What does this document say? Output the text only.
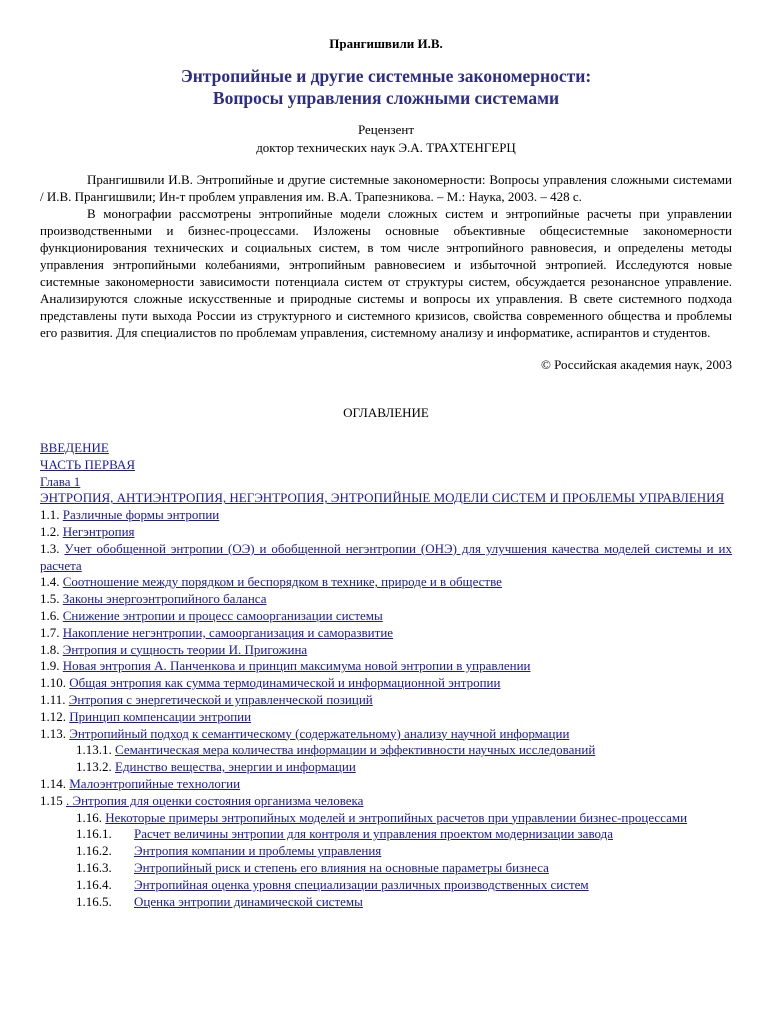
Прангишвили И.В.
Энтропийные и другие системные закономерности:
Вопросы управления сложными системами
Рецензент
доктор технических наук Э.А. ТРАХТЕНГЕРЦ

Прангишвили И.В. Энтропийные и другие системные закономерности: Вопросы управления сложными системами / И.В. Прангишвили; Ин-т проблем управления им. В.А. Трапезникова. – М.: Наука, 2003. – 428 с.

В монографии рассмотрены энтропийные модели сложных систем и энтропийные расчеты при управлении производственными и бизнес-процессами. Изложены основные объективные общесистемные закономерности функционирования технических и социальных систем, в том числе энтропийного равновесия, и определены методы управления энтропийными колебаниями, энтропийным равновесием и избыточной энтропией. Исследуются новые системные закономерности зависимости потенциала систем от структуры систем, обсуждается резонансное управление. Анализируются сложные искусственные и природные системы и вопросы их управления. В свете системного подхода представлены пути выхода России из структурного и системного кризисов, свойства современного общества и проблемы его развития. Для специалистов по проблемам управления, системному анализу и информатике, аспирантов и студентов.

© Российская академия наук, 2003
ОГЛАВЛЕНИЕ
ВВЕДЕНИЕ
ЧАСТЬ ПЕРВАЯ
Глава 1
ЭНТРОПИЯ, АНТИЭНТРОПИЯ, НЕГЭНТРОПИЯ, ЭНТРОПИЙНЫЕ МОДЕЛИ СИСТЕМ И ПРОБЛЕМЫ УПРАВЛЕНИЯ
1.1. Различные формы энтропии
1.2. Негэнтропия
1.3. Учет обобщенной энтропии (ОЭ) и обобщенной негэнтропии (ОНЭ) для улучшения качества моделей системы и их расчета
1.4. Соотношение между порядком и беспорядком в технике, природе и в обществе
1.5. Законы энергоэнтропийного баланса
1.6. Снижение энтропии и процесс самоорганизации системы
1.7. Накопление негэнтропии, самоорганизация и саморазвитие
1.8. Энтропия и сущность теории И. Пригожина
1.9. Новая энтропия А. Панченкова и принцип максимума новой энтропии в управлении
1.10. Общая энтропия как сумма термодинамической и информационной энтропии
1.11. Энтропия с энергетической и управленческой позиций
1.12. Принцип компенсации энтропии
1.13. Энтропийный подход к семантическому (содержательному) анализу научной информации
1.13.1. Семантическая мера количества информации и эффективности научных исследований
1.13.2. Единство вещества, энергии и информации
1.14. Малоэнтропийные технологии
1.15 . Энтропия для оценки состояния организма человека
1.16. Некоторые примеры энтропийных моделей и энтропийных расчетов при управлении бизнес-процессами
1.16.1. Расчет величины энтропии для контроля и управления проектом модернизации завода
1.16.2. Энтропия компании и проблемы управления
1.16.3. Энтропийный риск и степень его влияния на основные параметры бизнеса
1.16.4. Энтропийная оценка уровня специализации различных производственных систем
1.16.5. Оценка энтропии динамической системы
